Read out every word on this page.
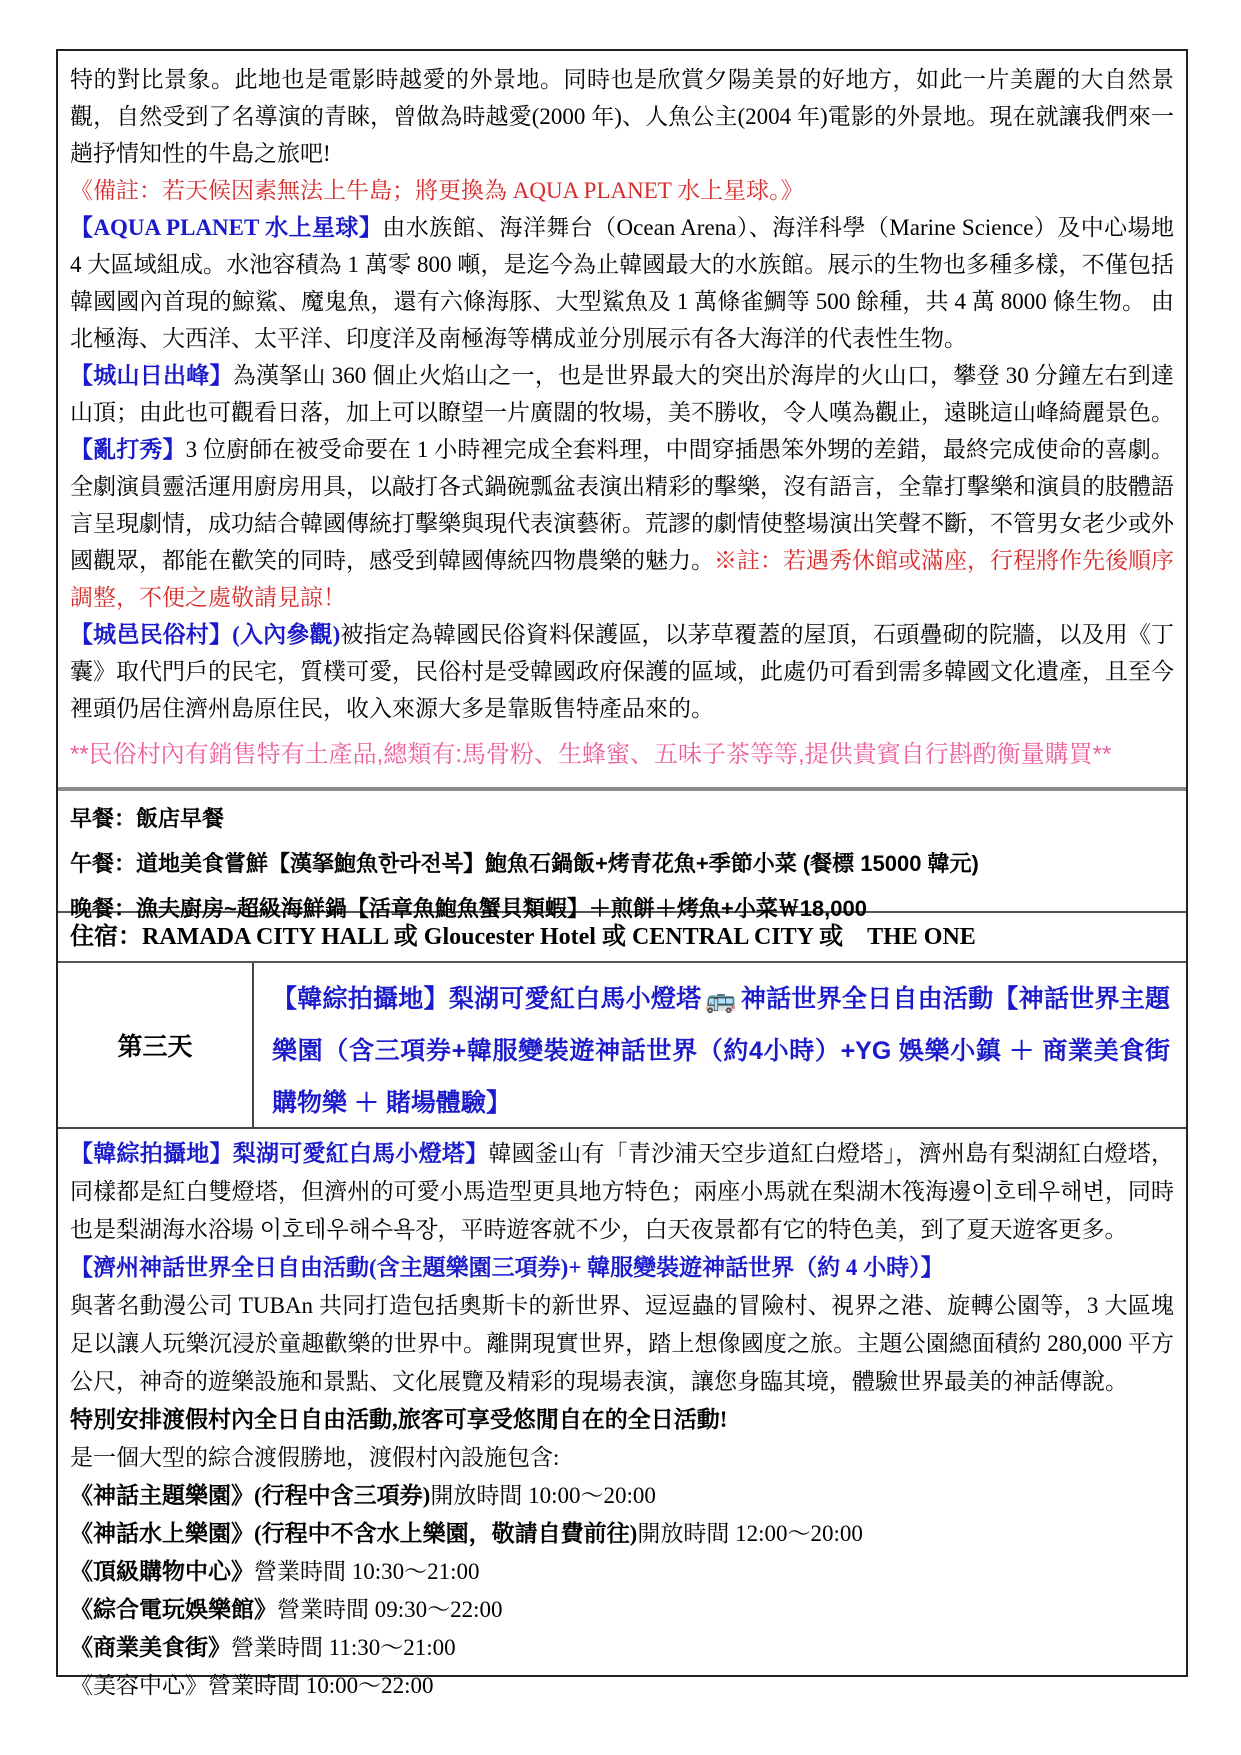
特的對比景象。此地也是電影時越愛的外景地。同時也是欣賞夕陽美景的好地方，如此一片美麗的大自然景觀，自然受到了名導演的青睞，曾做為時越愛(2000 年)、人魚公主(2004 年)電影的外景地。現在就讓我們來一趟抒情知性的牛島之旅吧!

《備註：若天候因素無法上牛島；將更換為 AQUA PLANET 水上星球。》

【AQUA PLANET 水上星球】由水族館、海洋舞台（Ocean Arena）、海洋科學（Marine Science）及中心場地 4 大區域組成。水池容積為 1 萬零 800 噸，是迄今為止韓國最大的水族館。展示的生物也多種多樣，不僅包括韓國國內首現的鯨鯊、魔鬼魚，還有六條海豚、大型鯊魚及 1 萬條雀鯛等 500 餘種，共 4 萬 8000 條生物。 由北極海、大西洋、太平洋、印度洋及南極海等構成並分別展示有各大海洋的代表性生物。

【城山日出峰】為漢拏山 360 個止火焰山之一，也是世界最大的突出於海岸的火山口，攀登 30 分鐘左右到達山頂；由此也可觀看日落，加上可以瞭望一片廣闊的牧場，美不勝收，令人嘆為觀止，遠眺這山峰綺麗景色。

【亂打秀】3 位廚師在被受命要在 1 小時裡完成全套料理，中間穿插愚笨外甥的差錯，最終完成使命的喜劇。全劇演員靈活運用廚房用具，以敲打各式鍋碗瓢盆表演出精彩的擊樂，沒有語言，全靠打擊樂和演員的肢體語言呈現劇情，成功結合韓國傳統打擊樂與現代表演藝術。荒謬的劇情使整場演出笑聲不斷，不管男女老少或外國觀眾，都能在歡笑的同時，感受到韓國傳統四物農樂的魅力。※註：若遇秀休館或滿座，行程將作先後順序調整，不便之處敬請見諒！

【城邑民俗村】(入內參觀)被指定為韓國民俗資料保護區，以茅草覆蓋的屋頂，石頭疊砌的院牆，以及用《丁囊》取代門戶的民宅，質樸可愛，民俗村是受韓國政府保護的區域，此處仍可看到需多韓國文化遺產，且至今裡頭仍居住濟州島原住民，收入來源大多是靠販售特產品來的。

**民俗村內有銷售特有土產品,總類有:馬骨粉、生蜂蜜、五味子茶等等,提供貴賓自行斟酌衡量購買**

早餐：飯店早餐

午餐：道地美食嘗鮮【漢拏鮑魚한라전복】鮑魚石鍋飯+烤青花魚+季節小菜 (餐標 15000 韓元)

晚餐：漁夫廚房~超級海鮮鍋【活章魚鮑魚蟹貝類蝦】＋煎餅＋烤魚+小菜￦18,000

住宿：RAMADA CITY HALL 或 Gloucester Hotel 或 CENTRAL CITY 或　THE ONE

第三天
【韓綜拍攝地】梨湖可愛紅白馬小燈塔 🚌 神話世界全日自由活動【神話世界主題樂園（含三項券+韓服變裝遊神話世界（約4小時）+YG 娛樂小鎮 ＋ 商業美食街購物樂 ＋ 賭場體驗】

【韓綜拍攝地】梨湖可愛紅白馬小燈塔】韓國釜山有「青沙浦天空步道紅白燈塔」，濟州島有梨湖紅白燈塔，同樣都是紅白雙燈塔，但濟州的可愛小馬造型更具地方特色；兩座小馬就在梨湖木筏海邊이호테우해변，同時也是梨湖海水浴場 이호테우해수욕장，平時遊客就不少，白天夜景都有它的特色美，到了夏天遊客更多。

【濟州神話世界全日自由活動(含主題樂園三項券)+ 韓服變裝遊神話世界（約 4 小時）】

與著名動漫公司 TUBAn 共同打造包括奧斯卡的新世界、逗逗蟲的冒險村、視界之港、旋轉公園等，3 大區塊足以讓人玩樂沉浸於童趣歡樂的世界中。離開現實世界，踏上想像國度之旅。主題公園總面積約 280,000 平方公尺，神奇的遊樂設施和景點、文化展覽及精彩的現場表演，讓您身臨其境，體驗世界最美的神話傳說。

特別安排渡假村內全日自由活動,旅客可享受悠閒自在的全日活動!

是一個大型的綜合渡假勝地，渡假村內設施包含:

《神話主題樂園》(行程中含三項券)開放時間 10:00～20:00

《神話水上樂園》(行程中不含水上樂園，敬請自費前往)開放時間 12:00～20:00

《頂級購物中心》營業時間 10:30～21:00

《綜合電玩娛樂館》營業時間 09:30～22:00

《商業美食街》營業時間 11:30～21:00

《美容中心》營業時間 10:00～22:00
